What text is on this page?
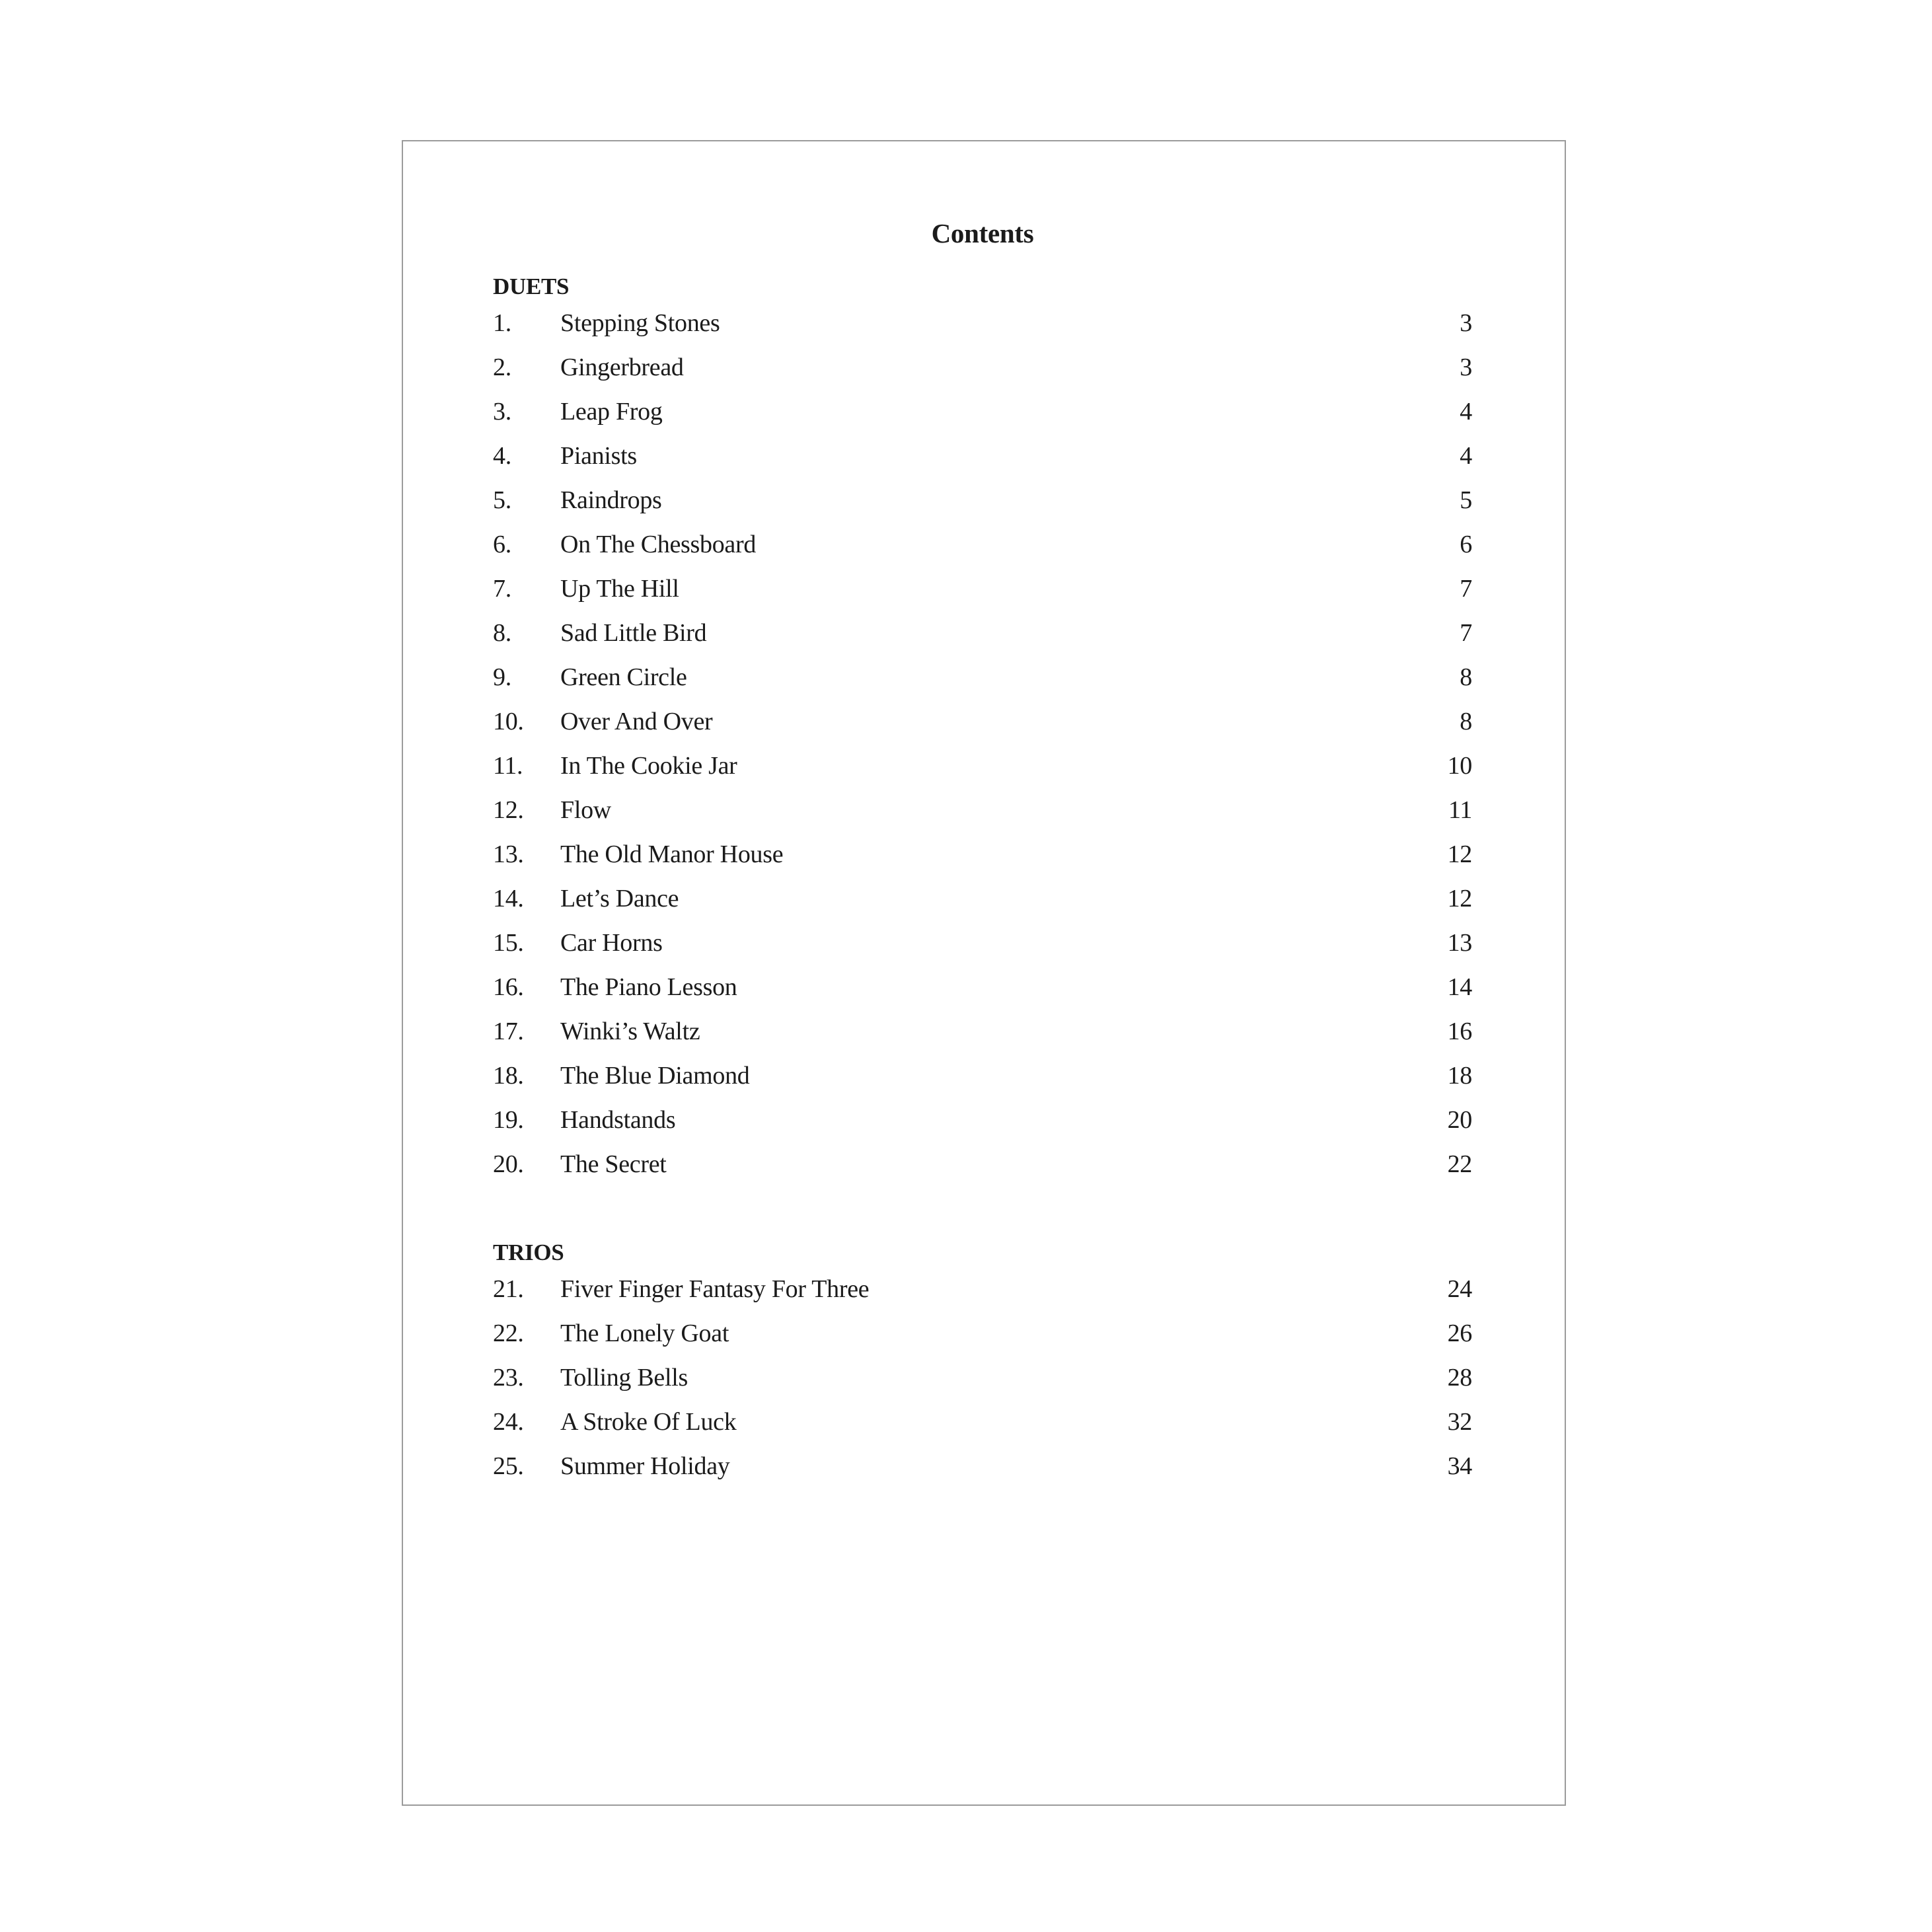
Contents
DUETS
1.	Stepping Stones	3
2.	Gingerbread	3
3.	Leap Frog	4
4.	Pianists	4
5.	Raindrops	5
6.	On The Chessboard	6
7.	Up The Hill	7
8.	Sad Little Bird	7
9.	Green Circle	8
10.	Over And Over	8
11.	In The Cookie Jar	10
12.	Flow	11
13.	The Old Manor House	12
14.	Let’s Dance	12
15.	Car Horns	13
16.	The Piano Lesson	14
17.	Winki’s Waltz	16
18.	The Blue Diamond	18
19.	Handstands	20
20.	The Secret	22
TRIOS
21.	Fiver Finger Fantasy For Three	24
22.	The Lonely Goat	26
23.	Tolling Bells	28
24.	A Stroke Of Luck	32
25.	Summer Holiday	34
